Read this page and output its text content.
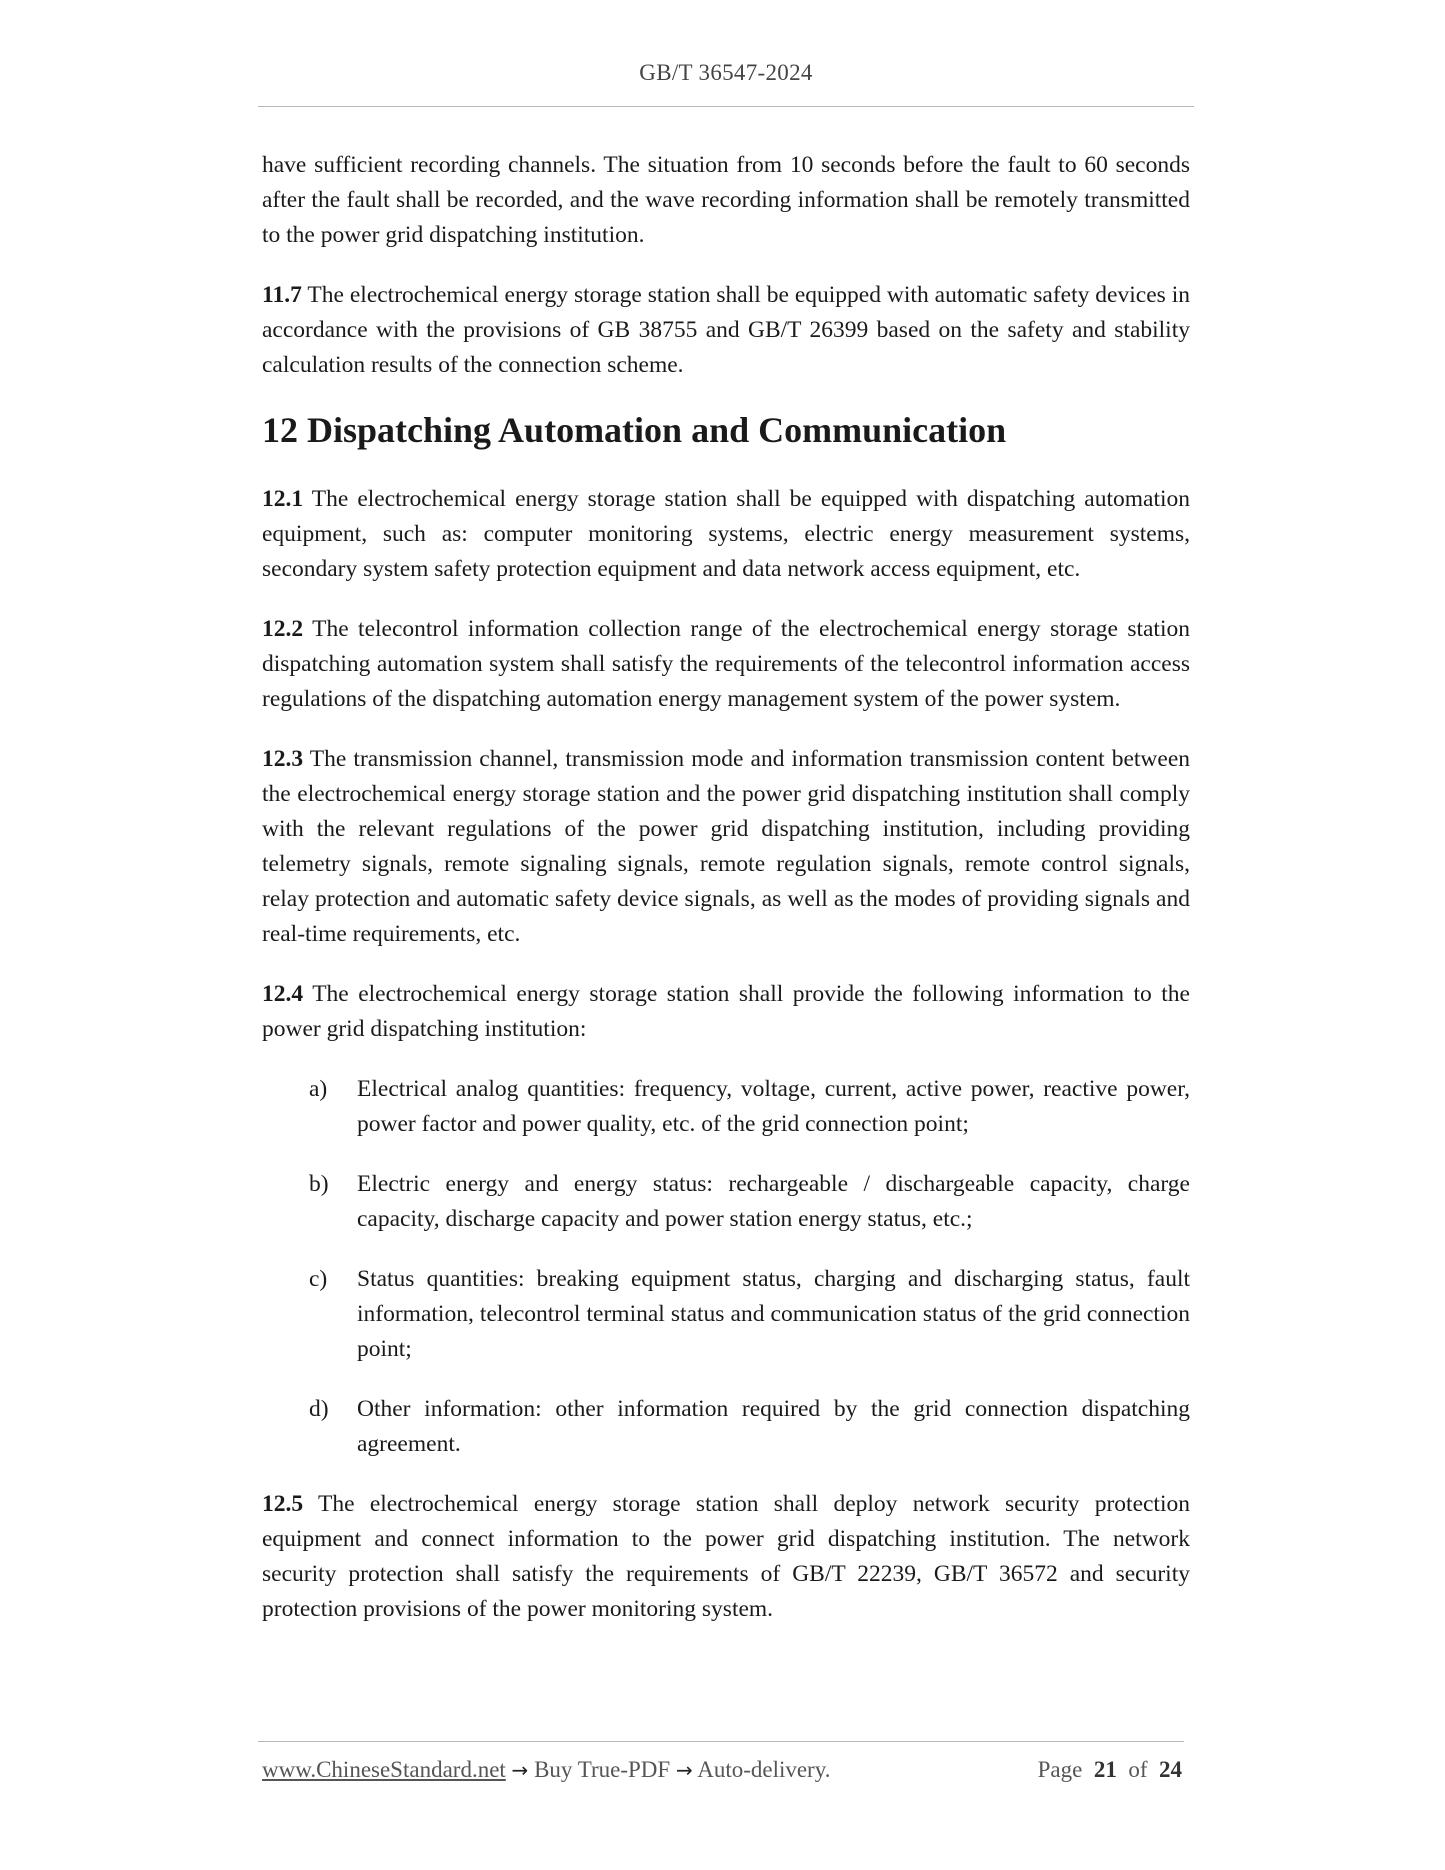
GB/T 36547-2024

have sufficient recording channels. The situation from 10 seconds before the fault to 60 seconds after the fault shall be recorded, and the wave recording information shall be remotely transmitted to the power grid dispatching institution.

11.7 The electrochemical energy storage station shall be equipped with automatic safety devices in accordance with the provisions of GB 38755 and GB/T 26399 based on the safety and stability calculation results of the connection scheme.

12 Dispatching Automation and Communication

12.1 The electrochemical energy storage station shall be equipped with dispatching automation equipment, such as: computer monitoring systems, electric energy measurement systems, secondary system safety protection equipment and data network access equipment, etc.

12.2 The telecontrol information collection range of the electrochemical energy storage station dispatching automation system shall satisfy the requirements of the telecontrol information access regulations of the dispatching automation energy management system of the power system.

12.3 The transmission channel, transmission mode and information transmission content between the electrochemical energy storage station and the power grid dispatching institution shall comply with the relevant regulations of the power grid dispatching institution, including providing telemetry signals, remote signaling signals, remote regulation signals, remote control signals, relay protection and automatic safety device signals, as well as the modes of providing signals and real-time requirements, etc.

12.4 The electrochemical energy storage station shall provide the following information to the power grid dispatching institution:

a) Electrical analog quantities: frequency, voltage, current, active power, reactive power, power factor and power quality, etc. of the grid connection point;
b) Electric energy and energy status: rechargeable / dischargeable capacity, charge capacity, discharge capacity and power station energy status, etc.;
c) Status quantities: breaking equipment status, charging and discharging status, fault information, telecontrol terminal status and communication status of the grid connection point;
d) Other information: other information required by the grid connection dispatching agreement.

12.5 The electrochemical energy storage station shall deploy network security protection equipment and connect information to the power grid dispatching institution. The network security protection shall satisfy the requirements of GB/T 22239, GB/T 36572 and security protection provisions of the power monitoring system.

www.ChineseStandard.net → Buy True-PDF → Auto-delivery.	Page 21 of 24
